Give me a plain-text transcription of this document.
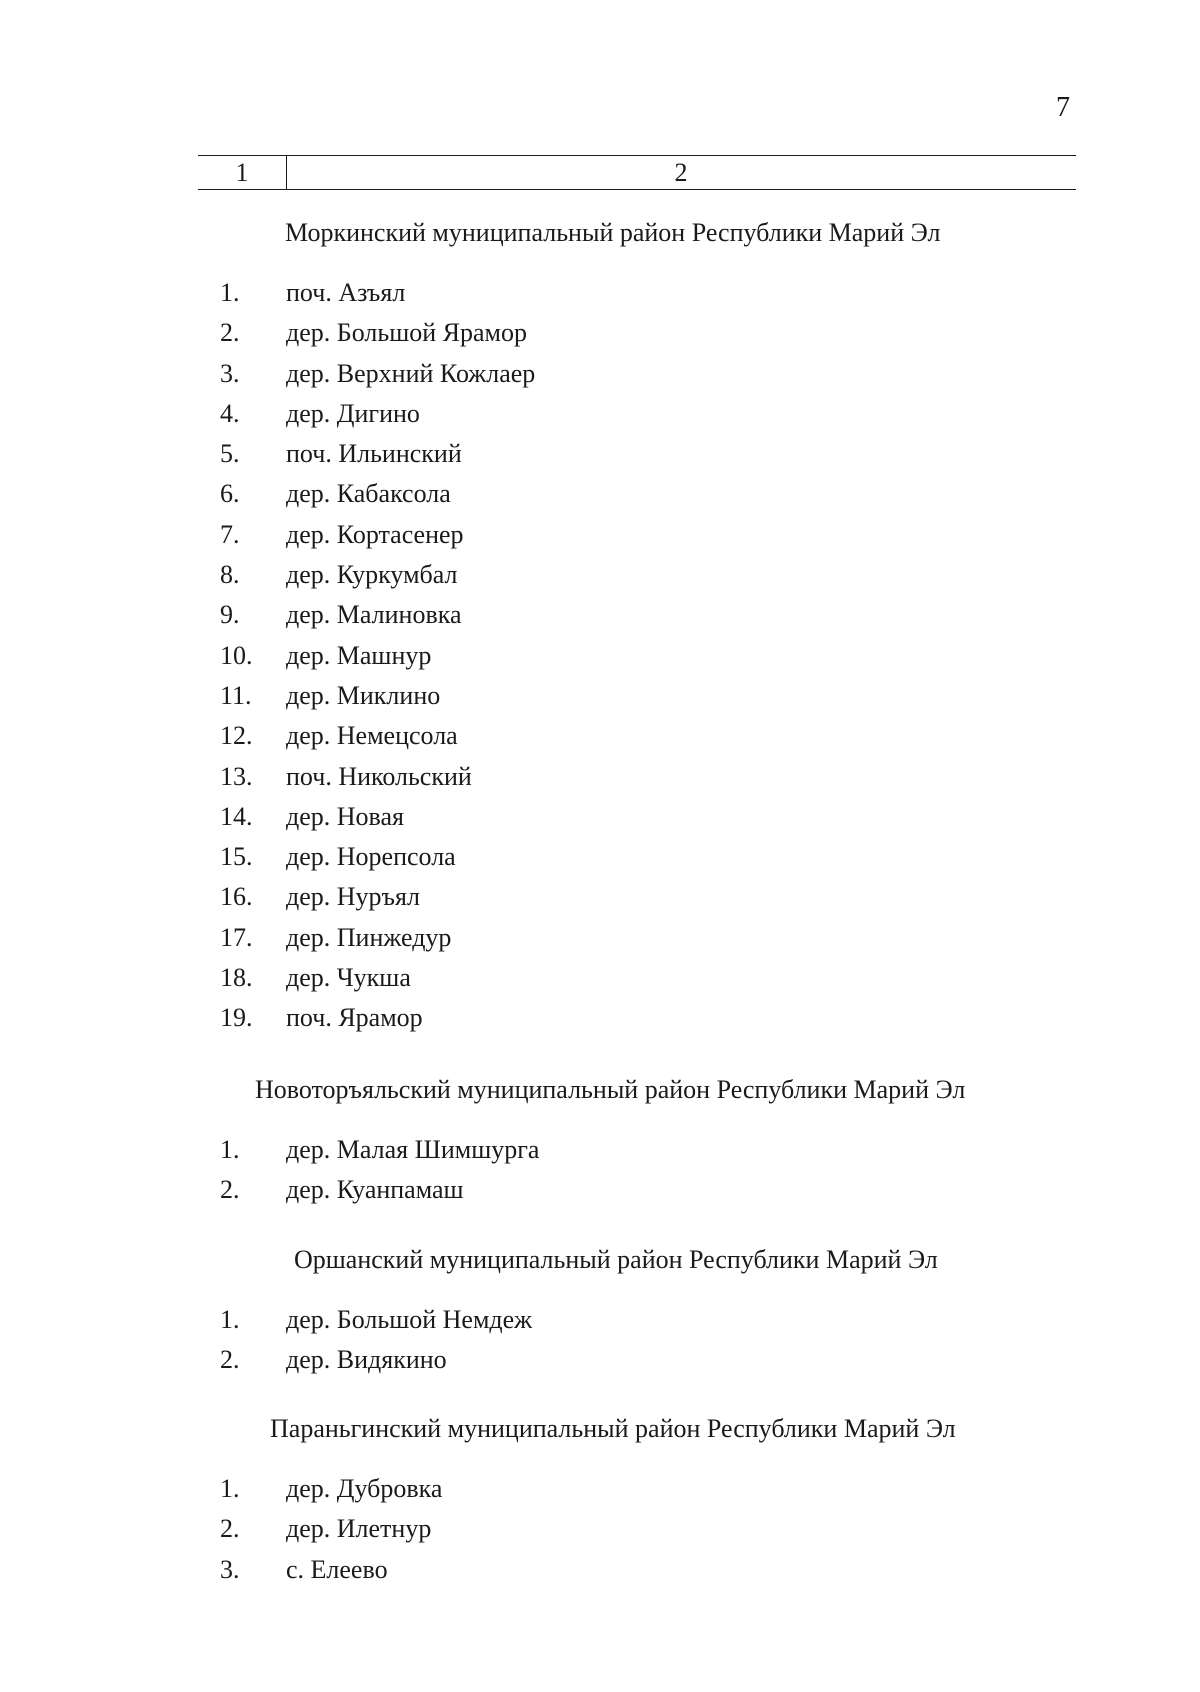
7
1	2
Моркинский муниципальный район Республики Марий Эл
1.	поч. Азъял
2.	дер. Большой Ярамор
3.	дер. Верхний Кожлаер
4.	дер. Дигино
5.	поч. Ильинский
6.	дер. Кабаксола
7.	дер. Кортасенер
8.	дер. Куркумбал
9.	дер. Малиновка
10. дер. Машнур
11.	дер. Миклино
12. дер. Немецсола
13. поч. Никольский
14. дер. Новая
15. дер. Норепсола
16. дер. Нуръял
17. дер. Пинжедур
18. дер. Чукша
19. поч. Ярамор
Новоторъяльский муниципальный район Республики Марий Эл
1.	дер. Малая Шимшурга
2.	дер. Куанпамаш
Оршанский муниципальный район Республики Марий Эл
1.	дер. Большой Немдеж
2.	дер. Видякино
Параньгинский муниципальный район Республики Марий Эл
1.	дер. Дубровка
2.	дер. Илетнур
3.	с. Елеево
